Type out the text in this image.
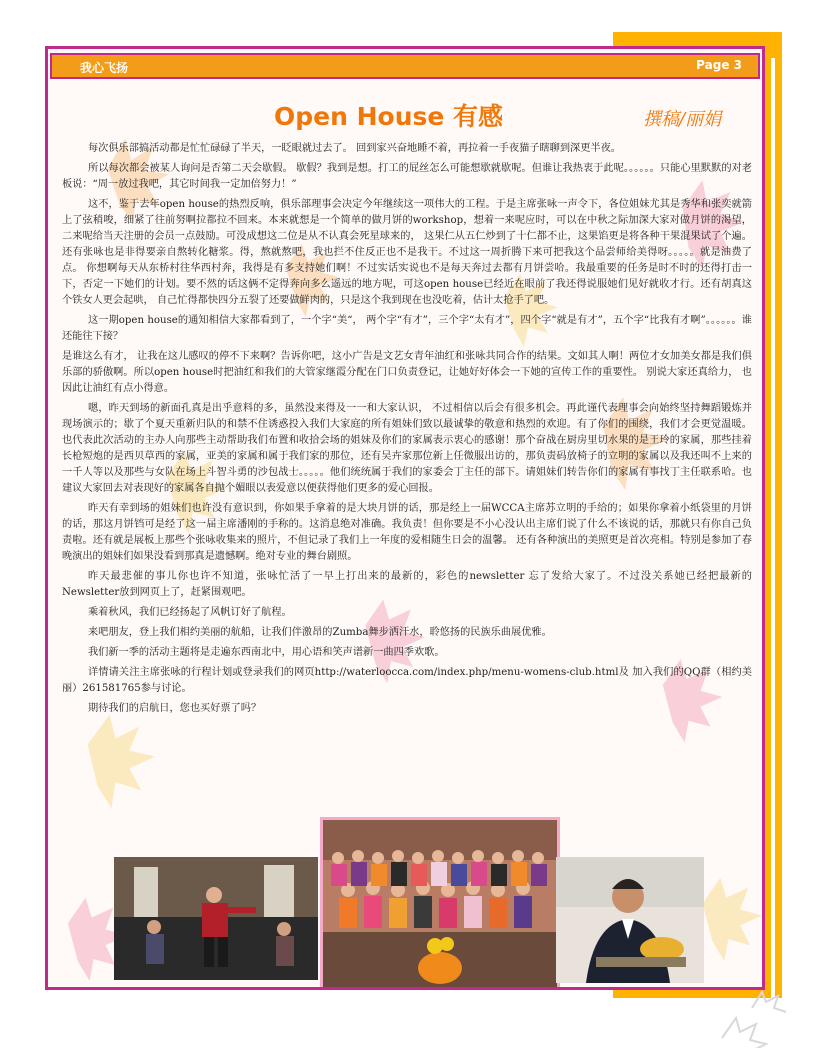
我心飞扬	Page 3
Open House 有感	撰稿/丽娟

每次俱乐部搞活动都是忙忙碌碌了半天，一眨眼就过去了。 回到家兴奋地睡不着，再拉着一手夜猫子瞎聊到深更半夜。

所以每次都会被某人询问是否第二天会歇假。 歇假？我到是想。打工的屁丝怎么可能想歇就歇呢。但谁让我热衷于此呢。。。。。。只能心里默默的对老板说：“周一放过我吧，其它时间我一定加倍努力！”

这不，鉴于去年open house的热烈反响，俱乐部理事会决定今年继续这一项伟大的工程。于是主席张咏一声令下，各位姐妹尤其是秀华和张奕就箭上了弦稍唆，细紧了往前努啊拉都拉不回来。本来就想是一个简单的做月饼的workshop，想着一来呢应时，可以在中秋之际加深大家对做月饼的渴望，二来呢给当天注册的会员一点鼓励。可没成想这二位是从不认真会死星球来的， 这果仁从五仁炒到了十仁都不止，这果馅更是将各种干果混果试了个遍。还有张咏也是非得要亲自熬转化糖浆。得，熬就熬吧，我也拦不住反正也不是我干。不过这一周折腾下来可把我这个品尝师给美得呀。。。。。就是油费了点。 你想啊每天从东桥村往华西村奔，我得是有多支持她们啊！不过实话实说也不是每天奔过去都有月饼尝哈。我最重要的任务是时不时的还得打击一下，否定一下她们的计划。要不然的话这俩不定得奔向多么遥远的地方呢，可这open house已经近在眼前了我还得说服她们见好就收才行。还有胡真这个铁女人更会起哄， 自己忙得都快四分五裂了还要做鲜肉的，只是这个我到现在也没吃着，估计太抢手了吧。

这一期open house的通知相信大家都看到了，一个字“美“， 两个字“有才”，三个字“太有才”，四个字“就是有才”，五个字“比我有才啊”。。。。。。谁还能往下接？

是谁这么有才， 让我在这儿感叹的停不下来啊？告诉你吧，这小广告是文艺女青年油红和张咏共同合作的结果。文如其人啊！两位才女加美女都是我们俱乐部的骄傲啊。所以open house时把油红和我们的大管家继霞分配在门口负责登记，让她好好体会一下她的宣传工作的重要性。 别说大家还真给力， 也因此让油红有点小得意。

嗯，昨天到场的新面孔真是出乎意料的多，虽然没来得及一一和大家认识， 不过相信以后会有很多机会。再此谨代表理事会向始终坚持舞蹈锻炼并现场演示的；歇了个夏天重新归队的和禁不住诱惑投入我们大家庭的所有姐妹们致以最诚挚的敬意和热烈的欢迎。有了你们的围绕，我们才会更觉温暖。也代表此次活动的主办人向那些主动帮助我们布置和收拾会场的姐妹及你们的家属表示衷心的感谢！那个奋战在厨房里切水果的是王玲的家属，那些挂着长枪短炮的是西贝草西的家属，亚美的家属和属于我们家的那位，还有吴卉家那位新上任微服出访的，那负责码放椅子的立明的家属以及我还叫不上来的一千人等以及那些与女队在场上斗智斗勇的沙包战士。。。。。他们统统属于我们的家委会丁主任的部下。请姐妹们转告你们的家属有事找丁主任联系哈。也建议大家回去对表现好的家属各自抛个媚眼以表爱意以便获得他们更多的爱心回报。

昨天有幸到场的姐妹们也许没有意识到，你如果手拿着的是大块月饼的话，那是经上一届WCCA主席苏立明的手给的；如果你拿着小纸袋里的月饼的话，那这月饼铛可是经了这一届主席潘刚的手称的。这消息绝对准确。我负责！但你要是不小心没认出主席们说了什么不该说的话，那就只有你自己负责啦。还有就是展板上那些个张咏收集来的照片，不但记录了我们上一年度的爱相随生日会的温馨。 还有各种演出的美照更是首次亮相。特别是参加了春晚演出的姐妹们如果没看到那真是遗憾啊。绝对专业的舞台剧照。

昨天最悲催的事儿你也许不知道，张咏忙活了一早上打出来的最新的，彩色的newsletter 忘了发给大家了。不过没关系她已经把最新的Newsletter放到网页上了，赶紧围观吧。

乘着秋风，我们已经扬起了风帆订好了航程。

来吧朋友，登上我们相约美丽的航船，让我们伴激昂的Zumba舞步洒汗水，聆悠扬的民族乐曲展优雅。

我们新一季的活动主题将是走遍东西南北中，用心语和笑声谱新一曲四季欢歌。

详情请关注主席张咏的行程计划或登录我们的网页http://waterloocca.com/index.php/menu-womens-club.html及 加入我们的QQ群（相约美丽）261581765参与讨论。

期待我们的启航日，您也买好票了吗？
